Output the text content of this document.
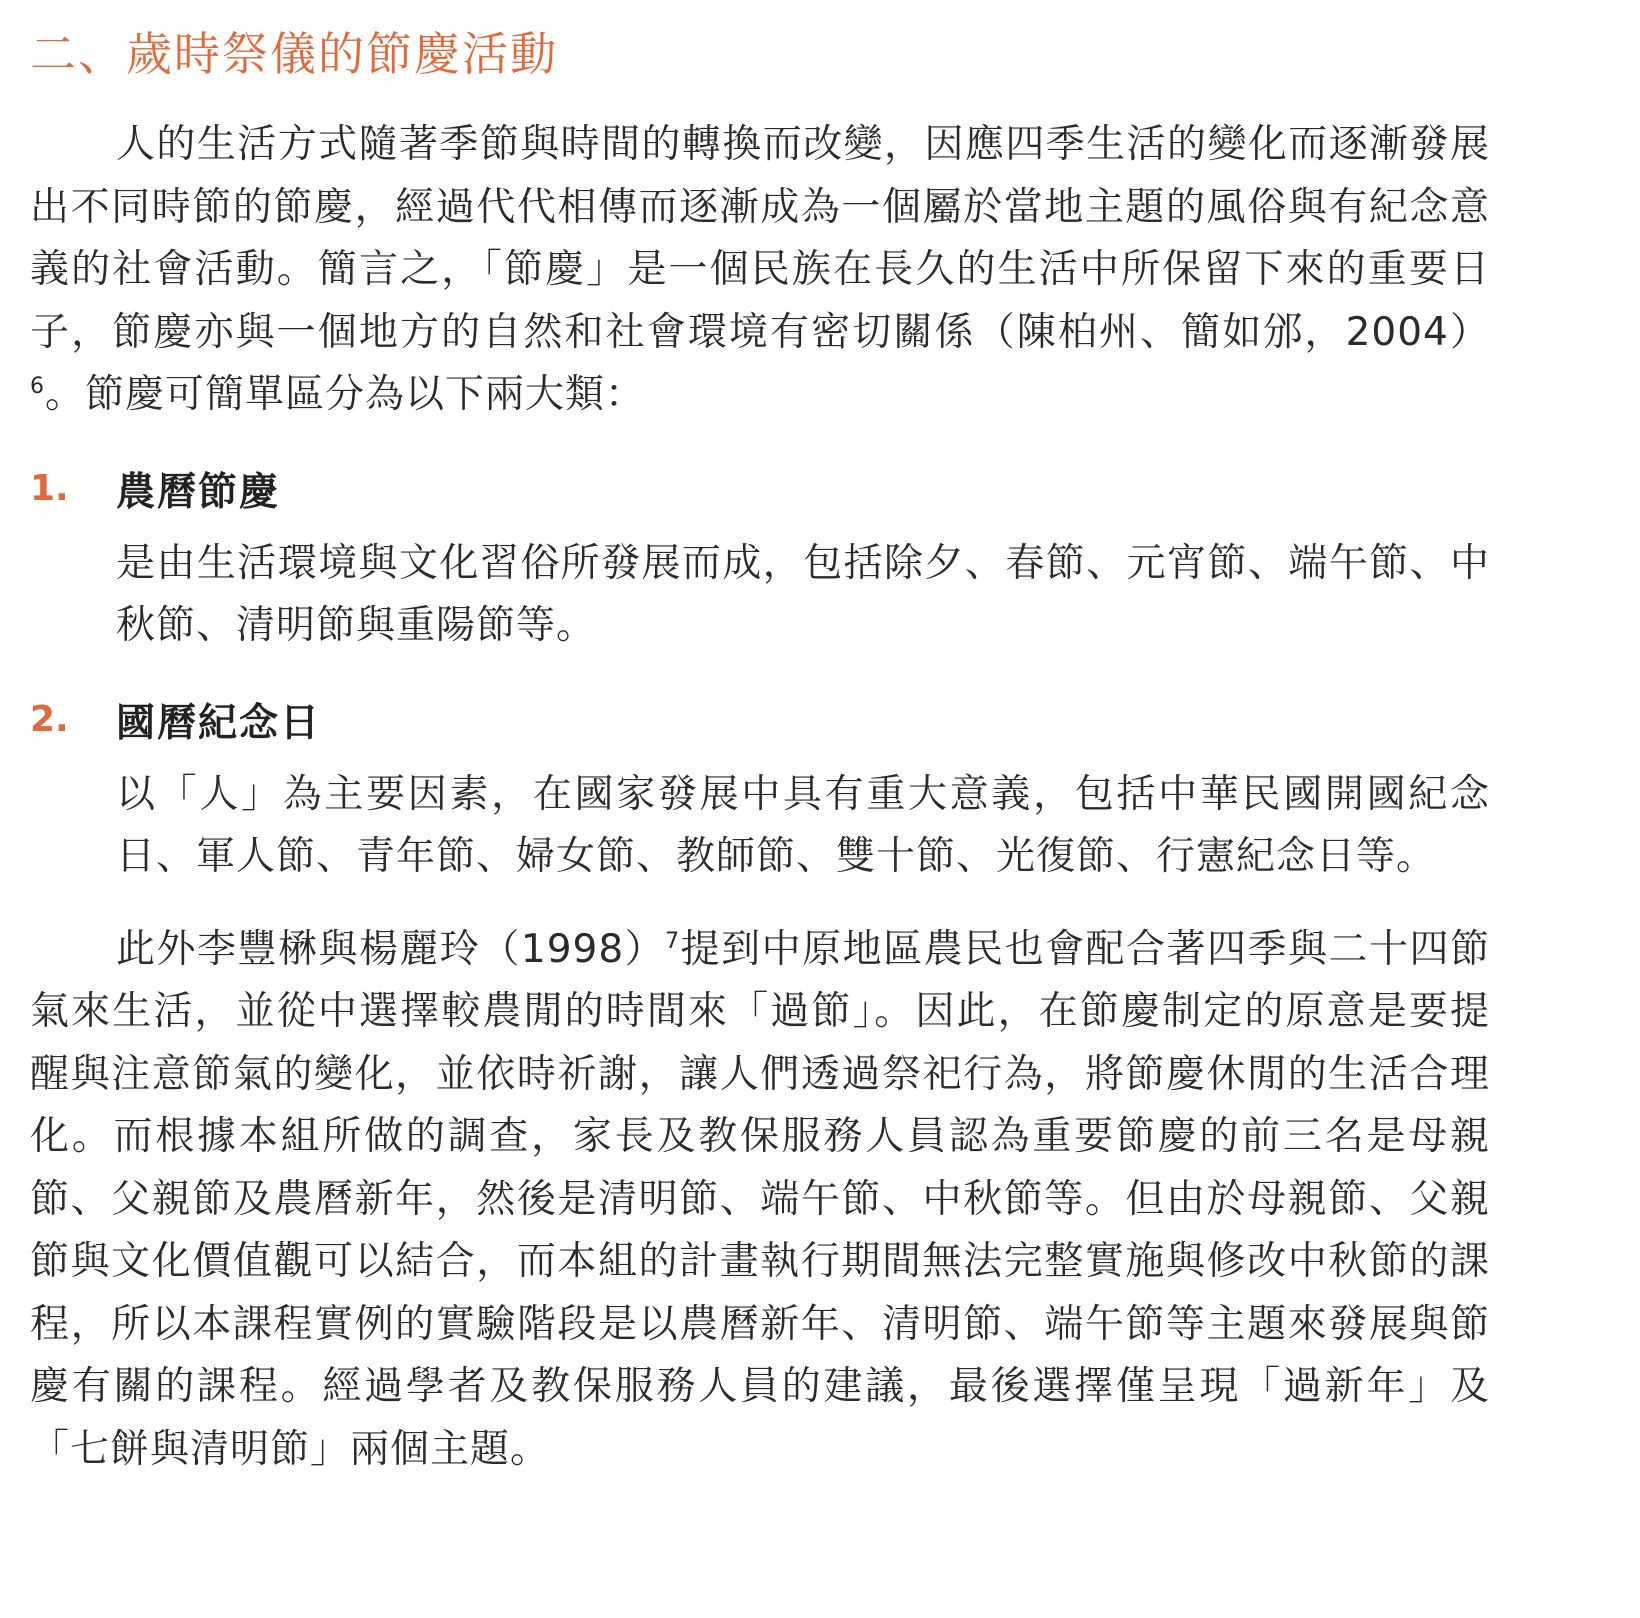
二、歲時祭儀的節慶活動

人的生活方式隨著季節與時間的轉換而改變，因應四季生活的變化而逐漸發展出不同時節的節慶，經過代代相傳而逐漸成為一個屬於當地主題的風俗與有紀念意義的社會活動。簡言之，「節慶」是一個民族在長久的生活中所保留下來的重要日子，節慶亦與一個地方的自然和社會環境有密切關係（陳柏州、簡如邠，2004）$^6$。節慶可簡單區分為以下兩大類：

1.	農曆節慶

是由生活環境與文化習俗所發展而成，包括除夕、春節、元宵節、端午節、中秋節、清明節與重陽節等。

2.	國曆紀念日

以「人」為主要因素，在國家發展中具有重大意義，包括中華民國開國紀念日、軍人節、青年節、婦女節、教師節、雙十節、光復節、行憲紀念日等。

此外李豐楙與楊麗玲（1998）$^7$提到中原地區農民也會配合著四季與二十四節氣來生活，並從中選擇較農閒的時間來「過節」。因此，在節慶制定的原意是要提醒與注意節氣的變化，並依時祈謝，讓人們透過祭祀行為，將節慶休閒的生活合理化。而根據本組所做的調查，家長及教保服務人員認為重要節慶的前三名是母親節、父親節及農曆新年，然後是清明節、端午節、中秋節等。但由於母親節、父親節與文化價值觀可以結合，而本組的計畫執行期間無法完整實施與修改中秋節的課程，所以本課程實例的實驗階段是以農曆新年、清明節、端午節等主題來發展與節慶有關的課程。經過學者及教保服務人員的建議，最後選擇僅呈現「過新年」及「七餅與清明節」兩個主題。
